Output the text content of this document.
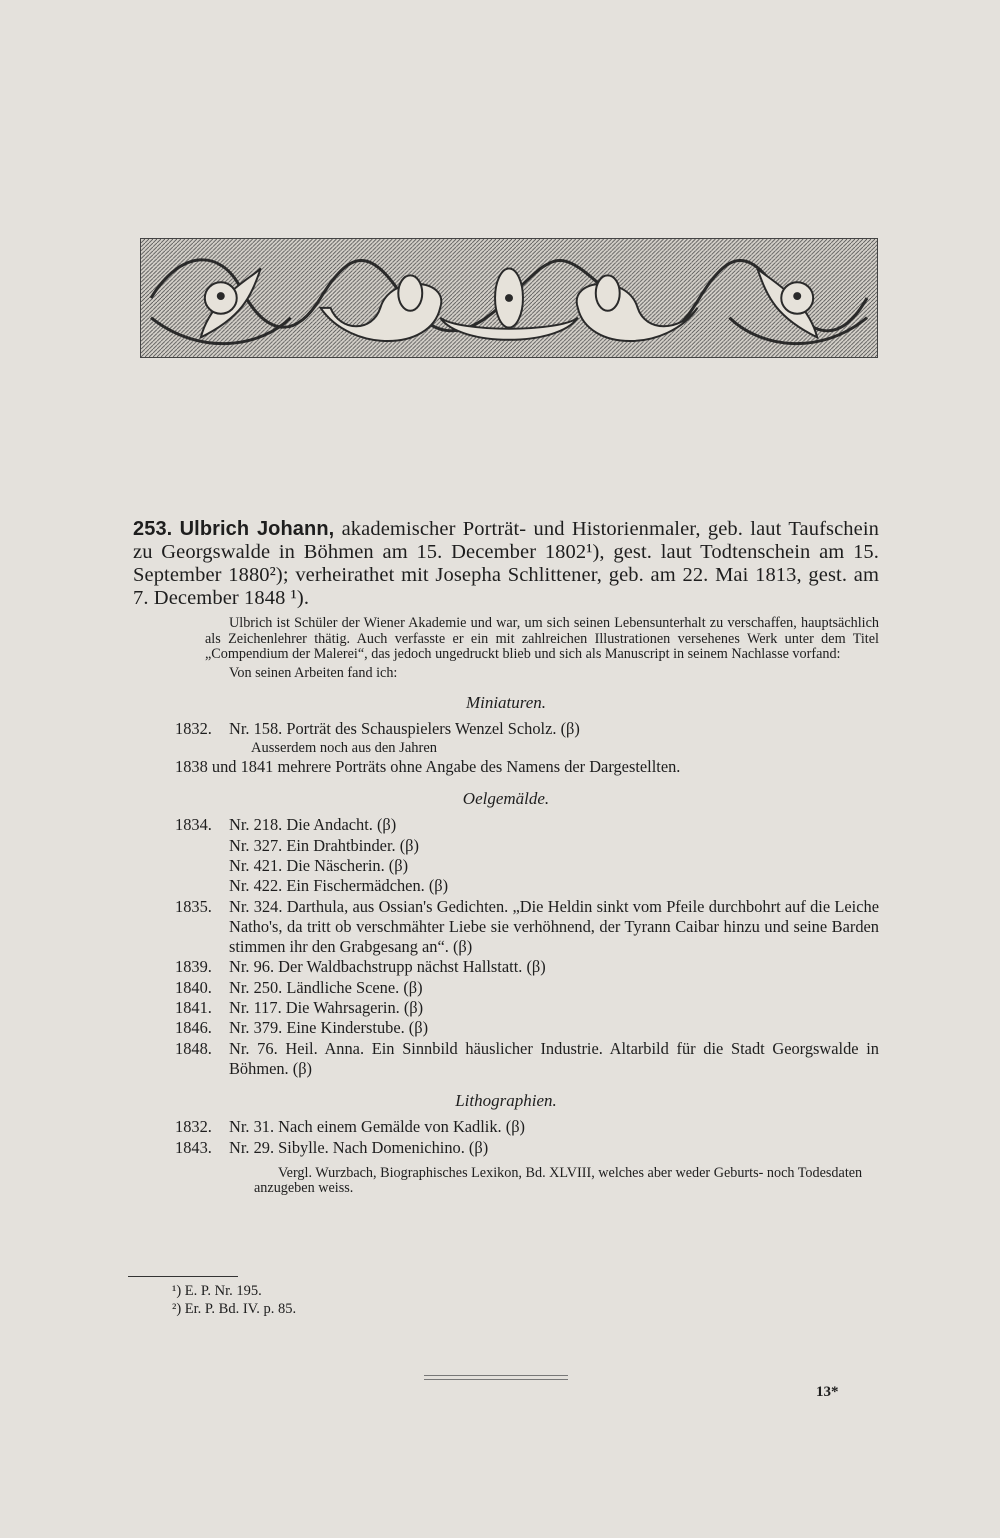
253. Ulbrich Johann, akademischer Porträt- und Historienmaler, geb. laut Taufschein zu Georgswalde in Böhmen am 15. December 1802¹), gest. laut Todtenschein am 15. September 1880²); verheirathet mit Josepha Schlittener, geb. am 22. Mai 1813, gest. am 7. December 1848 ¹).

Ulbrich ist Schüler der Wiener Akademie und war, um sich seinen Lebensunterhalt zu verschaffen, hauptsächlich als Zeichenlehrer thätig. Auch verfasste er ein mit zahlreichen Illustrationen versehenes Werk unter dem Titel „Compendium der Malerei“, das jedoch ungedruckt blieb und sich als Manuscript in seinem Nachlasse vorfand:

Von seinen Arbeiten fand ich:

Miniaturen.
1832.	Nr. 158. Porträt des Schauspielers Wenzel Scholz. (β)
Ausserdem noch aus den Jahren
1838 und 1841 mehrere Porträts ohne Angabe des Namens der Dargestellten.
Oelgemälde.
1834.	Nr. 218. Die Andacht. (β)
Nr. 327. Ein Drahtbinder. (β)
Nr. 421. Die Näscherin. (β)
Nr. 422. Ein Fischermädchen. (β)
1835.	Nr. 324. Darthula, aus Ossian's Gedichten. „Die Heldin sinkt vom Pfeile durchbohrt auf die Leiche Natho's, da tritt ob verschmähter Liebe sie verhöhnend, der Tyrann Caibar hinzu und seine Barden stimmen ihr den Grabgesang an“. (β)
1839.	Nr. 96. Der Waldbachstrupp nächst Hallstatt. (β)
1840.	Nr. 250. Ländliche Scene. (β)
1841.	Nr. 117. Die Wahrsagerin. (β)
1846.	Nr. 379. Eine Kinderstube. (β)
1848.	Nr. 76. Heil. Anna. Ein Sinnbild häuslicher Industrie. Altarbild für die Stadt Georgswalde in Böhmen. (β)
Lithographien.
1832.	Nr. 31. Nach einem Gemälde von Kadlik. (β)
1843.	Nr. 29. Sibylle. Nach Domenichino. (β)

Vergl. Wurzbach, Biographisches Lexikon, Bd. XLVIII, welches aber weder Geburts- noch Todesdaten anzugeben weiss.

¹) E. P. Nr. 195.
²) Er. P. Bd. IV. p. 85.
13*
